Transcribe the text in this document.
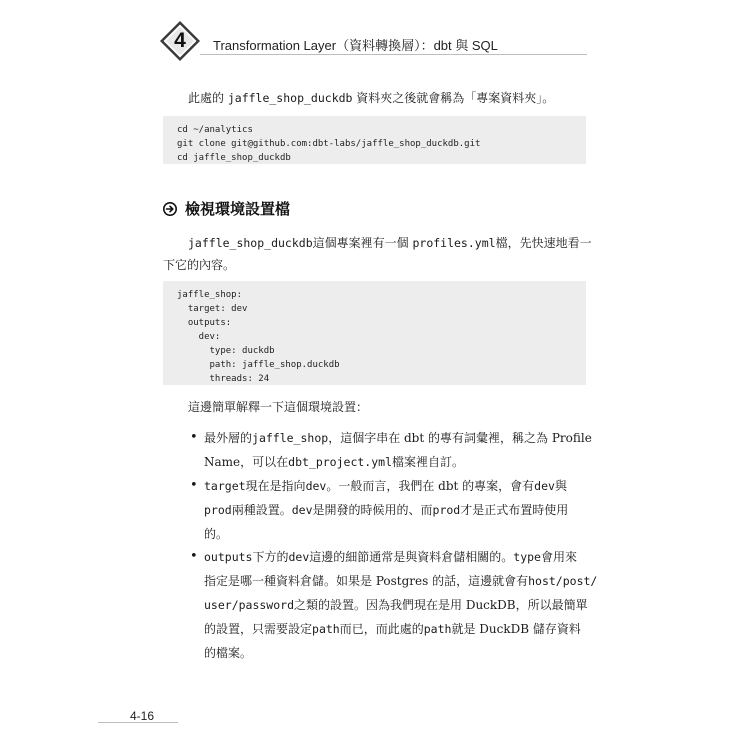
4	Transformation Layer（資料轉換層）：dbt 與 SQL
此處的 jaffle_shop_duckdb 資料夾之後就會稱為「專案資料夾」。
cd ~/analytics
git clone git@github.com:dbt-labs/jaffle_shop_duckdb.git
cd jaffle_shop_duckdb
檢視環境設置檔
jaffle_shop_duckdb這個專案裡有一個 profiles.yml檔，先快速地看一
下它的內容。
jaffle_shop:
target: dev
outputs:
dev:
type: duckdb
path: jaffle_shop.duckdb
threads: 24
這邊簡單解釋一下這個環境設置：
• 最外層的jaffle_shop，這個字串在 dbt 的專有詞彙裡，稱之為 Profile
Name，可以在 dbt_project.yml 檔案裡自訂。
• target 現在是指向 dev 。一般而言，我們在 dbt 的專案，會有 dev 與
prod 兩種設置。 dev 是開發的時候用的、而 prod 才是正式布置時使用
的。
• outputs 下方的 dev 這邊的細節通常是與資料倉儲相關的。 type 會用來
指定是哪一種資料倉儲。如果是 Postgres 的話，這邊就會有 host/post/
user/password 之類的設置。因為我們現在是用 DuckDB，所以最簡單
的設置，只需要設定 path 而已，而此處的 path 就是 DuckDB 儲存資料
的檔案。
4-16
